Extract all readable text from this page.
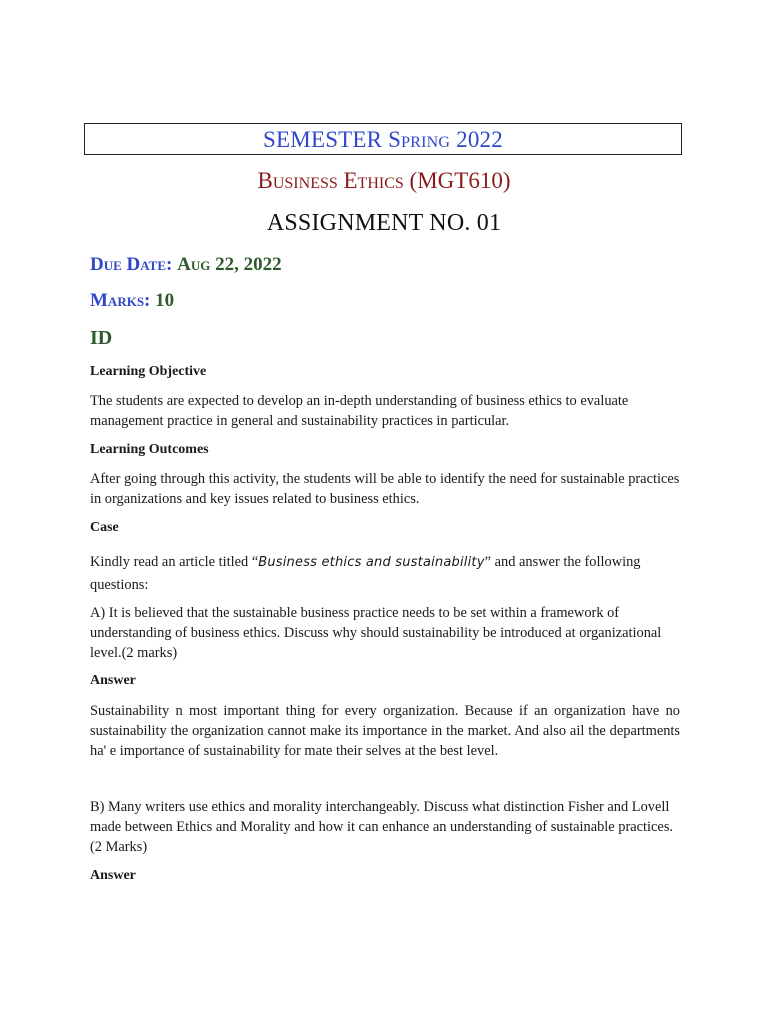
SEMESTER Spring 2022
Business Ethics (MGT610)
ASSIGNMENT NO. 01
Due Date: Aug 22, 2022
Marks: 10
ID
Learning Objective
The students are expected to develop an in-depth understanding of business ethics to evaluate management practice in general and sustainability practices in particular.
Learning Outcomes
After going through this activity, the students will be able to identify the need for sustainable practices in organizations and key issues related to business ethics.
Case
Kindly read an article titled “Business ethics and sustainability” and answer the following questions:
A) It is believed that the sustainable business practice needs to be set within a framework of understanding of business ethics. Discuss why should sustainability be introduced at organizational level.(2 marks)
Answer
Sustainability n most important thing for every organization. Because if an organization have no sustainability the organization cannot make its importance in the market. And also ail the departments ha' e importance of sustainability for mate their selves at the best level.
B) Many writers use ethics and morality interchangeably. Discuss what distinction Fisher and Lovell made between Ethics and Morality and how it can enhance an understanding of sustainable practices. (2 Marks)
Answer
